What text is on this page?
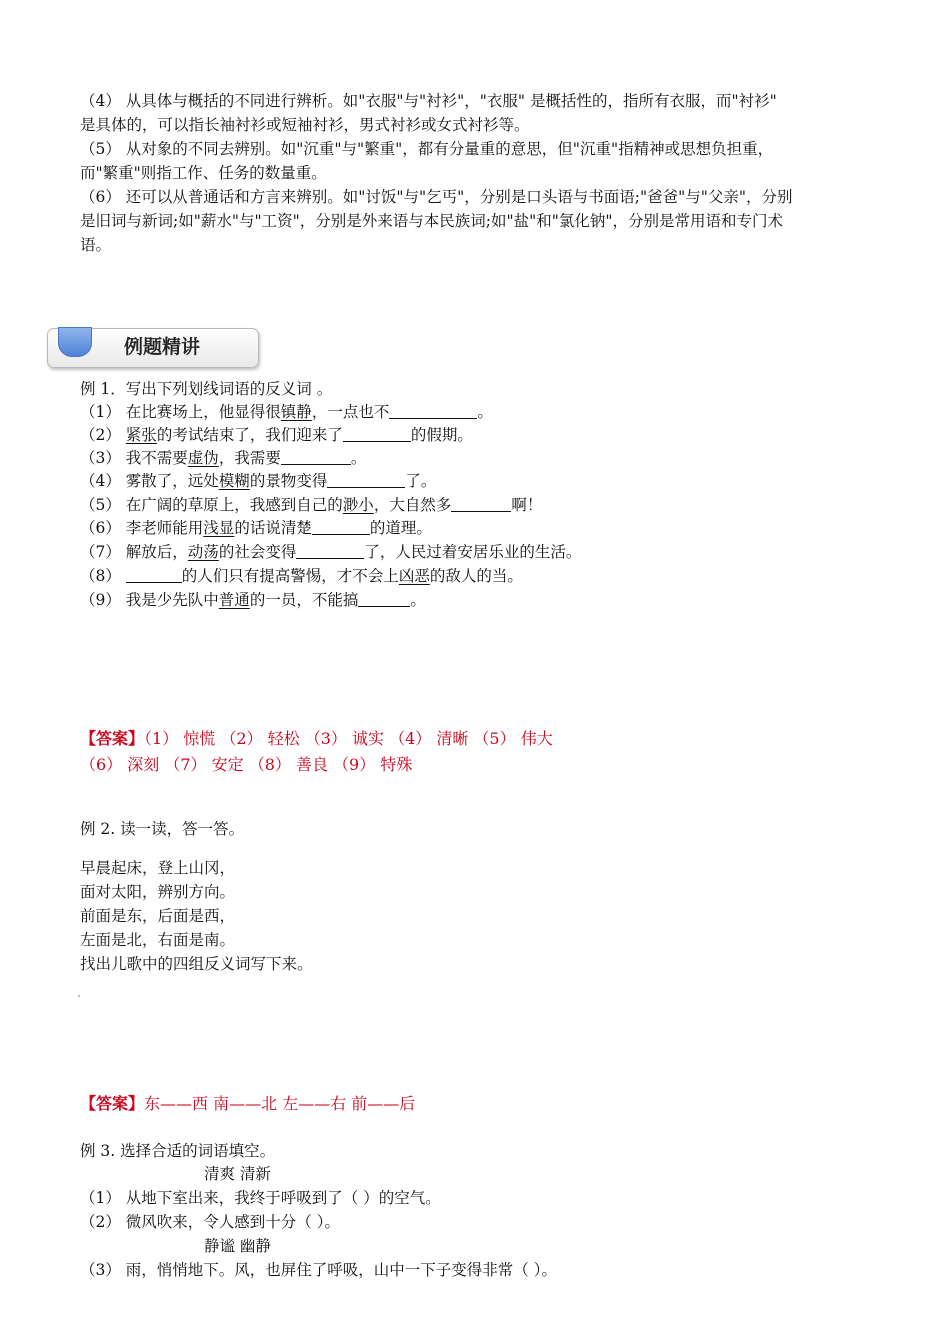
（4） 从具体与概括的不同进行辨析。如"衣服"与"衬衫"，"衣服" 是概括性的，指所有衣服，而"衬衫"
是具体的，可以指长袖衬衫或短袖衬衫，男式衬衫或女式衬衫等。
（5） 从对象的不同去辨别。如"沉重"与"繁重"，都有分量重的意思，但"沉重"指精神或思想负担重，
而"繁重"则指工作、任务的数量重。
（6） 还可以从普通话和方言来辨别。如"讨饭"与"乞丐"，分别是口头语与书面语;"爸爸"与"父亲"，分别
是旧词与新词;如"薪水"与"工资"，分别是外来语与本民族词;如"盐"和"氯化钠"，分别是常用语和专门术
语。
例题精讲
例 1．写出下列划线词语的反义词 。
（1） 在比赛场上，他显得很镇静，一点也不	。
（2） 紧张的考试结束了，我们迎来了	的假期。
（3） 我不需要虚伪，我需要	。
（4） 雾散了，远处模糊的景物变得	了。
（5） 在广阔的草原上，我感到自己的渺小，大自然多	啊！
（6） 李老师能用浅显的话说清楚	的道理。
（7） 解放后，动荡的社会变得	了，人民过着安居乐业的生活。
（8）	的人们只有提高警惕，才不会上凶恶的敌人的当。
（9） 我是少先队中普通的一员，不能搞	。
【答案】（1） 惊慌 （2） 轻松 （3） 诚实 （4） 清晰 （5） 伟大
（6） 深刻 （7） 安定 （8） 善良 （9） 特殊
例 2. 读一读，答一答。
早晨起床，登上山冈，
面对太阳，辨别方向。
前面是东，后面是西，
左面是北，右面是南。
找出儿歌中的四组反义词写下来。
【答案】东——西 南——北 左——右 前——后
例 3. 选择合适的词语填空。
清爽 清新
（1） 从地下室出来，我终于呼吸到了（ ）的空气。
（2） 微风吹来，令人感到十分（ ）。
静谧 幽静
（3） 雨，悄悄地下。风，也屏住了呼吸，山中一下子变得非常（ ）。
